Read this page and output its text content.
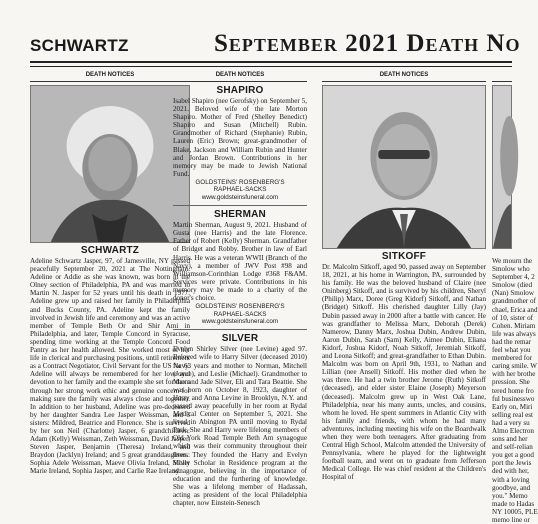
SCHWARTZ	September 2021 Death No
DEATH NOTICES
SCHWARTZ

Adeline Schwartz Jasper, 97, of Jamesville, NY passed peacefully September 20, 2021 at The Nottingham. Adeline or Addie as she was known, was born in the Olney section of Philadelphia, PA and was married to Martin N. Jasper for 52 years until his death in 1977. Adeline grew up and raised her family in Philadelphia and Bucks County, PA. Adeline kept the family involved in Jewish life and ceremony and was an active member of Temple Beth Or and Shir Ami in Philadelphia, and later, Temple Concord in Syracuse, spending time working at the Temple Concord Food Pantry as her health allowed. She worked most of her life in clerical and purchasing positions, until retirement as a Contract Negotiator, Civil Servant for the US Navy. Adeline will always be remembered for her love and devotion to her family and the example she set for them through her strong work ethic and genuine concern for making sure the family was always close and together. In addition to her husband, Adeline was pre-deceased by her daughter Sandra Lee Jasper Weissman, and 3 sisters: Mildred, Beatrice and Florence. She is survived by her son Neil (Charlotte) Jasper, 6 grandchildren: Adam (Kelly) Weissman, Zeth Weissman, David Jasper, Steven Jasper, Benjamin (Theresa) Ireland, and Braydon (Jacklyn) Ireland; and 5 great granddaughters: Sophia Adele Weissman, Maeve Olivia Ireland, Molly Marie Ireland, Sophia Jasper, and Carlie Rae Ireland.

DEATH NOTICES
SHAPIRO

Isabel Shapiro (nee Gerofsky) on September 5, 2021. Beloved wife of the late Morton Shapiro. Mother of Fred (Shelley Benedict) Shapiro and Susan (Mitchell) Rubin. Grandmother of Richard (Stephanie) Rubin, Lauren (Eric) Brown; great-grandmother of Blake, Jackson and William Rubin and Hunter and Jordan Brown. Contributions in her memory may be made to Jewish National Fund.

GOLDSTEINS' ROSENBERG'S
RAPHAEL-SACKS
www.goldsteinsfuneral.com
SHERMAN

Martin Sherman, August 9, 2021. Husband of Gusta (nee Harris) and the late Florence. Father of Robert (Kelly) Sherman. Grandfather of Bridget and Robby. Brother in law of Earl Harris. He was a veteran WWII (Branch of the Navy), a member of JWV Post #98 and Williamson-Corinthian Lodge #368 F&AM. Services were private. Contributions in his memory may be made to a charity of the donor's choice.

GOLDSTEINS' ROSENBERG'S
RAPHAEL-SACKS
www.goldsteinsfuneral.com
SILVER

Evelyn Shirley Silver (nee Levine) aged 97. Beloved wife to Harry Silver (deceased 2010) for 63 years and mother to Norman, Mitchell (Joyce), and Leslie (Michael). Grandmother to Max and Jade Silver, Eli and Tara Beattie. She was born on October 8, 1923, daughter of Harry and Anna Levine in Brooklyn, N.Y. and passed away peacefully in her room at Rydal Medical Center on September 5, 2021. She lived in Abington PA until moving to Rydal Park. She and Harry were lifelong members of Old York Road Temple Beth Am synagogue which was their community throughout their lives. They founded the Harry and Evelyn Silver Scholar in Residence program at the synagogue, believing in the importance of education and the furthering of knowledge. She was a lifelong member of Hadassah, acting as president of the local Philadelphia chapter, now Einstein-Senesch

DEATH NOTICES
SITKOFF

Dr. Malcolm Sitkoff, aged 90, passed away on September 18, 2021, at his home in Warrington, PA, surrounded by his family. He was the beloved husband of Claire (nee Oninberg) Sitkoff, and is survived by his children, Sheryl (Philip) Marx, Doree (Greg Kidorf) Sitkoff, and Nathan (Bridget) Sitkoff. His cherished daughter Lilly (Jay) Dubin passed away in 2000 after a battle with cancer. He was grandfather to Melissa Marx, Deborah (Derek) Namerow, Danny Marx, Joshua Dubin, Andrew Dubin, Aaron Dubin, Sarah (Sam) Kelly, Aimee Dubin, Eliana Kidorf, Joshua Kidorf, Noah Sitkoff, Jeremiah Sitkoff, and Leona Sitkoff; and great-grandfather to Ethan Dubin. Malcolm was born on April 9th, 1931, to Nathan and Lillian (nee Ansell) Sitkoff. His mother died when he was three. He had a twin brother Jerome (Ruth) Sitkoff (deceased), and elder sister Elaine (Joseph) Meyerson (deceased). Malcolm grew up in West Oak Lane, Philadelphia, near his many aunts, uncles, and cousins, whom he loved. He spent summers in Atlantic City with his family and friends, with whom he had many adventures, including meeting his wife on the Boardwalk when they were both teenagers. After graduating from Central High School, Malcolm attended the University of Pennsylvania, where he played for the lightweight football team, and went on to graduate from Jefferson Medical College. He was chief resident at the Children's Hospital of

We mourn the
Smolow who
September 4, 2
Smolow (died
(Nan) Smolow
grandmother of
chael, Erica and
of 10, sister of
Cohen. Miriam
life was always
had the remar
feel what you
membered for
caring smile. W
with her brothe
pression. She
tered home fro
ful businesswo
Early on, Miri
selling real est
had a very su
Almo Electron
sons and her
and self-relian
you get a good
port the Jewis
ded with her,
with a loving
goodbye, and
you." Memo
made to Hadas
NY 10005, PLE
memo line or
